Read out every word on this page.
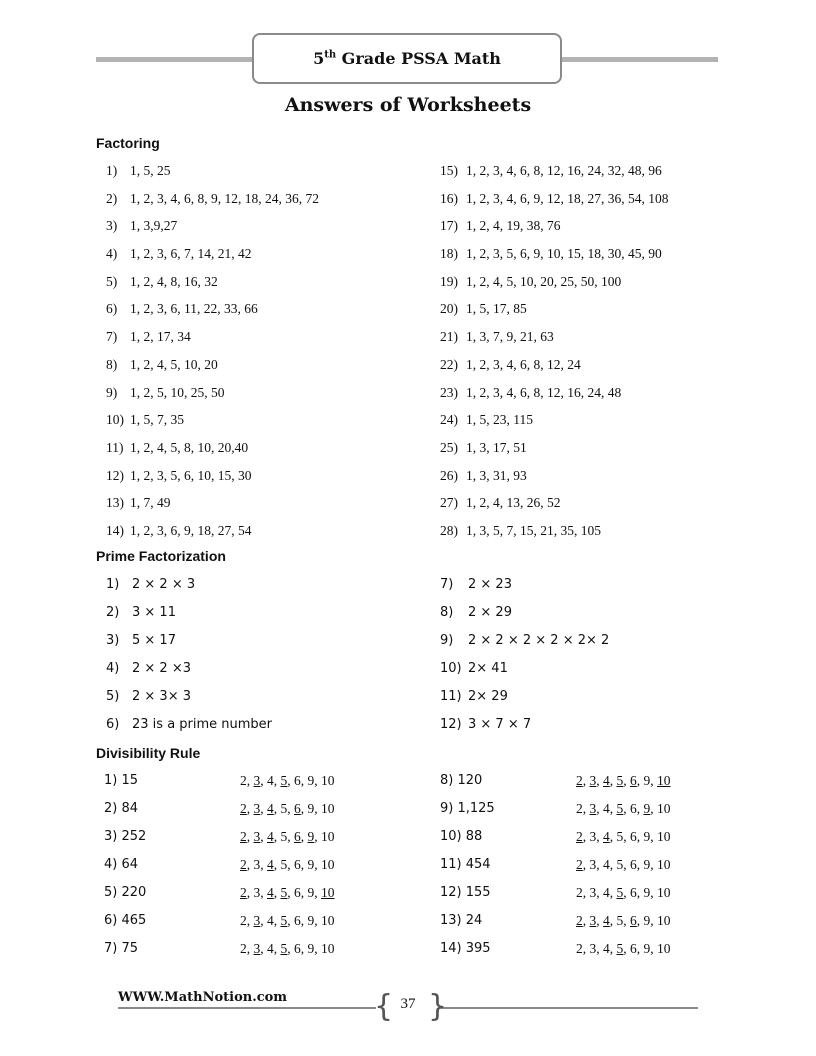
5th Grade PSSA Math
Answers of Worksheets
Factoring
1) 1, 5, 25
2) 1, 2, 3, 4, 6, 8, 9, 12, 18, 24, 36, 72
3) 1, 3,9,27
4) 1, 2, 3, 6, 7, 14, 21, 42
5) 1, 2, 4, 8, 16, 32
6) 1, 2, 3, 6, 11, 22, 33, 66
7) 1, 2, 17, 34
8) 1, 2, 4, 5, 10, 20
9) 1, 2, 5, 10, 25, 50
10) 1, 5, 7, 35
11) 1, 2, 4, 5, 8, 10, 20,40
12) 1, 2, 3, 5, 6, 10, 15, 30
13) 1, 7, 49
14) 1, 2, 3, 6, 9, 18, 27, 54
15) 1, 2, 3, 4, 6, 8, 12, 16, 24, 32, 48, 96
16) 1, 2, 3, 4, 6, 9, 12, 18, 27, 36, 54, 108
17) 1, 2, 4, 19, 38, 76
18) 1, 2, 3, 5, 6, 9, 10, 15, 18, 30, 45, 90
19) 1, 2, 4, 5, 10, 20, 25, 50, 100
20) 1, 5, 17, 85
21) 1, 3, 7, 9, 21, 63
22) 1, 2, 3, 4, 6, 8, 12, 24
23) 1, 2, 3, 4, 6, 8, 12, 16, 24, 48
24) 1, 5, 23, 115
25) 1, 3, 17, 51
26) 1, 3, 31, 93
27) 1, 2, 4, 13, 26, 52
28) 1, 3, 5, 7, 15, 21, 35, 105
Prime Factorization
1) 2 × 2 × 3
2) 3 × 11
3) 5 × 17
4) 2 × 2 ×3
5) 2 × 3× 3
6) 23 is a prime number
7) 2 × 23
8) 2 × 29
9) 2 × 2 × 2 × 2 × 2× 2
10) 2× 41
11) 2× 29
12) 3 × 7 × 7
Divisibility Rule
1) 15	2, 3, 4, 5, 6, 9, 10
2) 84	2, 3, 4, 5, 6, 9, 10
3) 252	2, 3, 4, 5, 6, 9, 10
4) 64	2, 3, 4, 5, 6, 9, 10
5) 220	2, 3, 4, 5, 6, 9, 10
6) 465	2, 3, 4, 5, 6, 9, 10
7) 75	2, 3, 4, 5, 6, 9, 10
8) 120	2, 3, 4, 5, 6, 9, 10
9) 1,125	2, 3, 4, 5, 6, 9, 10
10) 88	2, 3, 4, 5, 6, 9, 10
11) 454	2, 3, 4, 5, 6, 9, 10
12) 155	2, 3, 4, 5, 6, 9, 10
13) 24	2, 3, 4, 5, 6, 9, 10
14) 395	2, 3, 4, 5, 6, 9, 10
WWW.MathNotion.com	{ }
37
